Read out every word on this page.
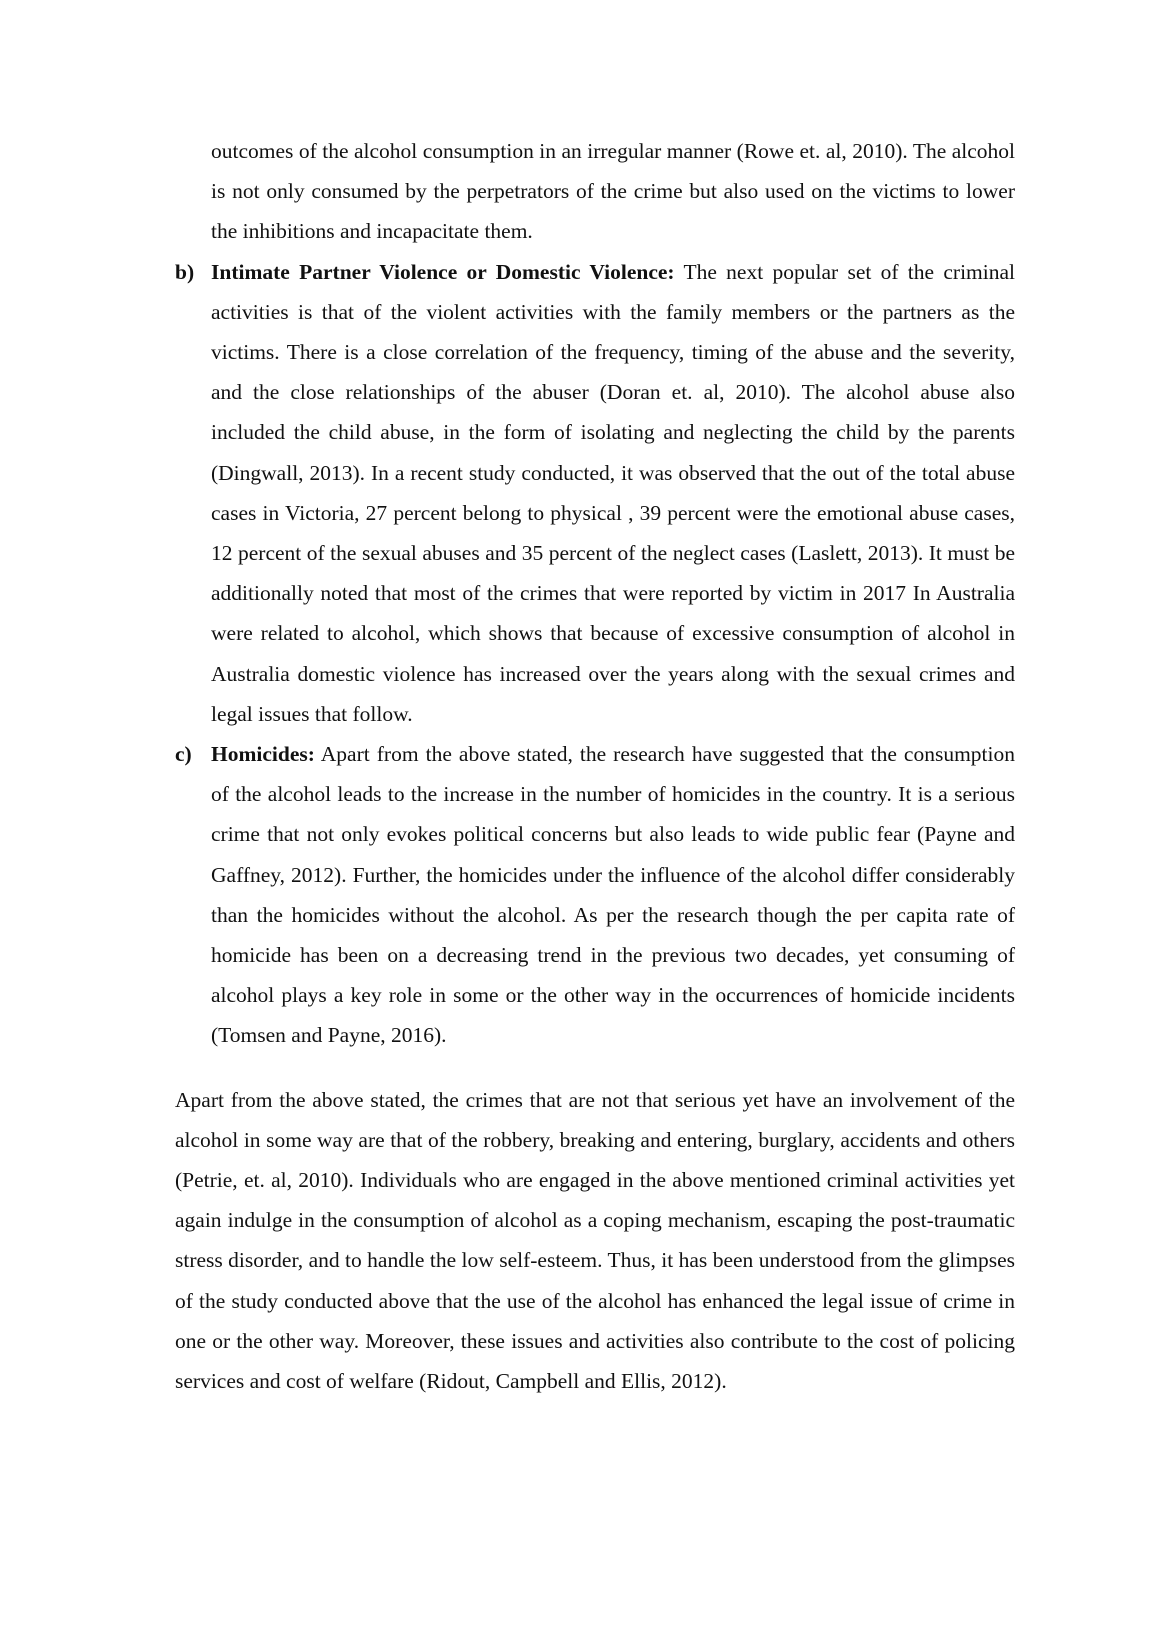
outcomes of the alcohol consumption in an irregular manner (Rowe et. al, 2010). The alcohol is not only consumed by the perpetrators of the crime but also used on the victims to lower the inhibitions and incapacitate them.

b) Intimate Partner Violence or Domestic Violence: The next popular set of the criminal activities is that of the violent activities with the family members or the partners as the victims. There is a close correlation of the frequency, timing of the abuse and the severity, and the close relationships of the abuser (Doran et. al, 2010). The alcohol abuse also included the child abuse, in the form of isolating and neglecting the child by the parents (Dingwall, 2013). In a recent study conducted, it was observed that the out of the total abuse cases in Victoria, 27 percent belong to physical , 39 percent were the emotional abuse cases, 12 percent of the sexual abuses and 35 percent of the neglect cases (Laslett, 2013). It must be additionally noted that most of the crimes that were reported by victim in 2017 In Australia were related to alcohol, which shows that because of excessive consumption of alcohol in Australia domestic violence has increased over the years along with the sexual crimes and legal issues that follow.
c) Homicides: Apart from the above stated, the research have suggested that the consumption of the alcohol leads to the increase in the number of homicides in the country. It is a serious crime that not only evokes political concerns but also leads to wide public fear (Payne and Gaffney, 2012). Further, the homicides under the influence of the alcohol differ considerably than the homicides without the alcohol. As per the research though the per capita rate of homicide has been on a decreasing trend in the previous two decades, yet consuming of alcohol plays a key role in some or the other way in the occurrences of homicide incidents (Tomsen and Payne, 2016).

Apart from the above stated, the crimes that are not that serious yet have an involvement of the alcohol in some way are that of the robbery, breaking and entering, burglary, accidents and others (Petrie, et. al, 2010). Individuals who are engaged in the above mentioned criminal activities yet again indulge in the consumption of alcohol as a coping mechanism, escaping the post-traumatic stress disorder, and to handle the low self-esteem. Thus, it has been understood from the glimpses of the study conducted above that the use of the alcohol has enhanced the legal issue of crime in one or the other way. Moreover, these issues and activities also contribute to the cost of policing services and cost of welfare (Ridout, Campbell and Ellis, 2012).
